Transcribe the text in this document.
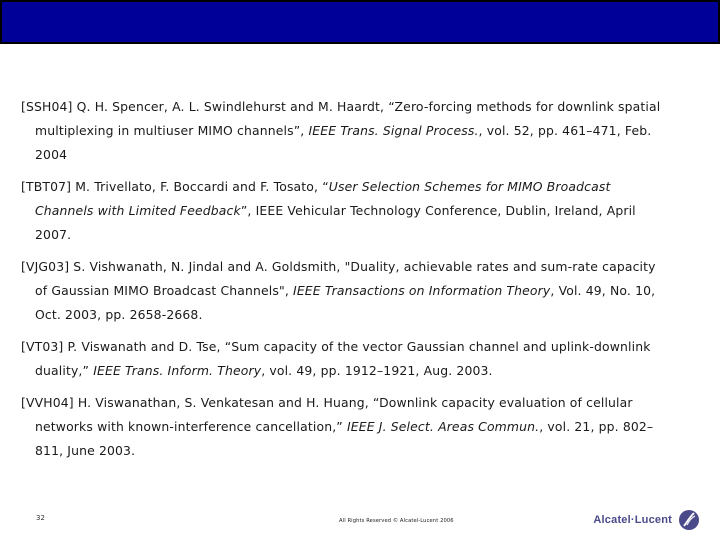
[SSH04] Q. H. Spencer, A. L. Swindlehurst and M. Haardt, “Zero-forcing methods for downlink spatial multiplexing in multiuser MIMO channels”, IEEE Trans. Signal Process., vol. 52, pp. 461–471, Feb. 2004

[TBT07] M. Trivellato, F. Boccardi and F. Tosato, “User Selection Schemes for MIMO Broadcast Channels with Limited Feedback”, IEEE Vehicular Technology Conference, Dublin, Ireland, April 2007.

[VJG03] S. Vishwanath, N. Jindal and A. Goldsmith, "Duality, achievable rates and sum-rate capacity of Gaussian MIMO Broadcast Channels", IEEE Transactions on Information Theory, Vol. 49, No. 10, Oct. 2003, pp. 2658-2668.

[VT03] P. Viswanath and D. Tse, “Sum capacity of the vector Gaussian channel and uplink-downlink duality,” IEEE Trans. Inform. Theory, vol. 49, pp. 1912–1921, Aug. 2003.

[VVH04] H. Viswanathan, S. Venkatesan and H. Huang, “Downlink capacity evaluation of cellular networks with known-interference cancellation,” IEEE J. Select. Areas Commun., vol. 21, pp. 802–811, June 2003.

32	All Rights Reserved © Alcatel-Lucent 2006	Alcatel·Lucent
